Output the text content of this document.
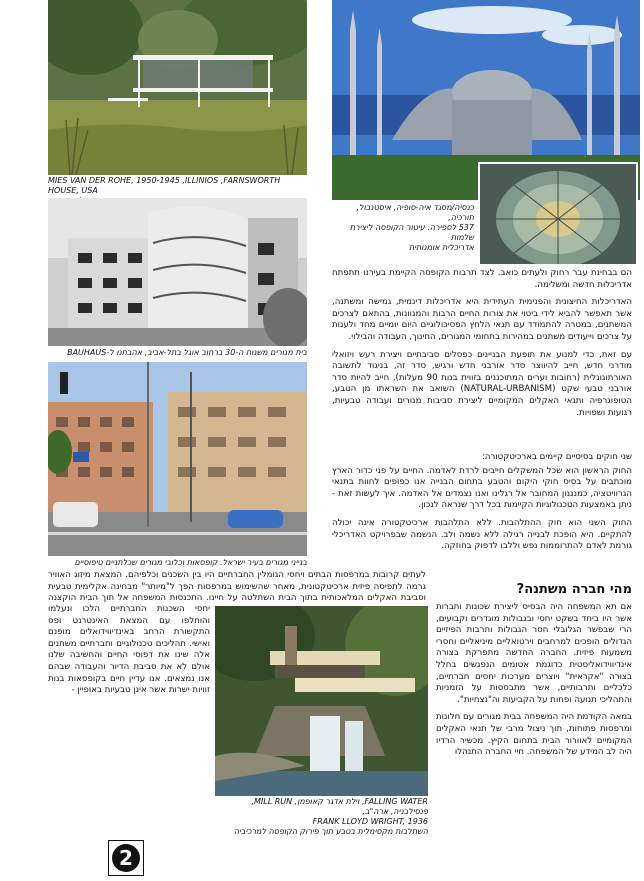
MIES VAN DER ROHE, 1950-1945 ,ILLINIOS ,FARNSWORTH HOUSE, USA
בית מגורים משנות ה-30 ברחוב אוגל בתל-אביב, אהבתנו ל-BAUHAUS
בנייני מגורים בעיר ישראל. קופסאות וכלובי מגורים שכלתניים טיפוסיים
כנסיה/מסגד איה-סופיה, איסטנבול, תורכיה,
537 לספירה. עיטור הקופסה ליצירת שלמות
אדריכלית אומנותית
FALLING WATER, וילת אדגר קאופמן, MILL RUN, פנסילבניה, ארה"ב,
FRANK LLOYD WRIGHT, 1936
השתלבות מקסימלית בטבע תוך פירוק הקופסה למרכיביה

הם בבחינת עבר רחוק ולעתים כואב. לצד תרבות הקופסה הקיימת בעירנו תתפתח אדריכלות חדשה ומשלימה.

האדריכלות החיצונית והפנימית העתידית היא אדריכלות דינמית, גמישה ומשתנה, אשר תאפשר להביא לידי ביטוי את צורות החיים הרבות והמגוונות, בהתאם לצרכים המשתנים, במטרה להתמודד עם תנאי הלחץ הפסיכולוגיים היום יומיים מחד ולענות על צרכים וייעודים משתנים במהירות בתחומי המגורים, החינוך, העבודה והבילוי.

עם זאת, כדי למנוע את תופעת הבניינים כפסלים סביבתיים ויצירת רעש ויזואלי מודרני חדש, חייב להיווצר סדר אורבני חדש ורגיש, סדר זה, בניגוד לתשובה האורתוגונלית (רחובות וערים המתוכננים בזווית בנות 90 מעלות), חייב להיות סדר אורבני טבעי שקט (NATURAL-URBANISM) השואב את השראתו מן הטבע, הטופוגרפיה ותנאי האקלים המקומיים ליצירת סביבות מגורים ועבודה טבעיות, רגועות ושפויות.

שני חוקים בסיסיים קיימים בארכיטקטורה:

החוק הראשון הוא שכל המשקלים חייבים לרדת לאדמה. החיים על פני כדור הארץ מוכתבים על בסיס חוקי היקום והטבע בתחום הבנייה אנו כפופים לחוות בתנאי הגרוויטציה, כמנגנון המחובר אל רגלינו ואנו נצמדים אל האדמה. איך לעשות זאת - ניתן באמצעות הטכנולוגיות הקיימות בכל דרך שנראה לנכון.

החוק השני הוא חוק ההתלהבות. ללא התלהבות ארכיטקטורה אינה יכולה להתקיים. היא הופכת לבנייה רגילה ללא נשמה ולב. הנשמה שבפרויקט האדריכלי גורמת לאדם להתרוממות נפש וללבו לדפוק בחוזקה.

מהי חברה משתנה?

אם תא המשפחה היה הבסיס ליצירת שכונות וחברות אשר היו ביחד בשקט יחסי ובגבולות מוגדרים וקבועים, הרי שבפשר הגלובלי חסר הגבולות ותרבות הפיזיים הגדולים הופכים למרחבים וירטואליים מיניאליים וחסרי משמעות פיזית. החברה החדשה מתפרקת בצורה אינדיווידואליסטית כדוגמת אטומים הנפגשים בחלל בצורה "אקראית" ויוצרים מערכות יחסים חברתיים, כלכליים ותרבותיים, אשר מתבססות על הזמניות והתהליכי תנועה ופחות על הקביעות וה"נצחיות".

במאה הקודמת היה המשפחה בבית מגורים עם חלונות ומרפסות פתוחות, תוך ניצול מרבי של תנאי האקלים המקומיים לאוורור הבית בתחום הקיץ. מכשיר הרדיו היה לב המידע של המשפחה. חיי החברה התנהלו

לעתים קרובות במרפסות הבתים ויחסי הגומלין החברתיים היו בין השכנים וכלפיהם. המצאת מיזוג האוויר גרמה לתפיסה פיזית ארכיטקטונית, מאחר שהשימוש במרפסות הפך ל"מיותר" מבחינה אקלימית טבעית וסביבת האקלים המלאכותית בתוך הבית השתלטה על חיינו. התכנסות המשפחה אל תוך הבית הוקצנה

יחסי השכנות החברתיים הלכו ונעלמו והוחלפו עם המצאת האינטרנט ופס התקשורת הרחב באינדיווידואלים מופנם ואישי. תהליכים טכנולוגיים וחברתיים משתנים אלה שינו את דפוסי החיים והחשיבה שלנו אולם לא את סביבת הדיור והעבודה שבהם אנו נמצאים. אנו עדיין חיים בקופסאות בנות זוויות ישרות אשר אינן טבעיות באופיין -

2
